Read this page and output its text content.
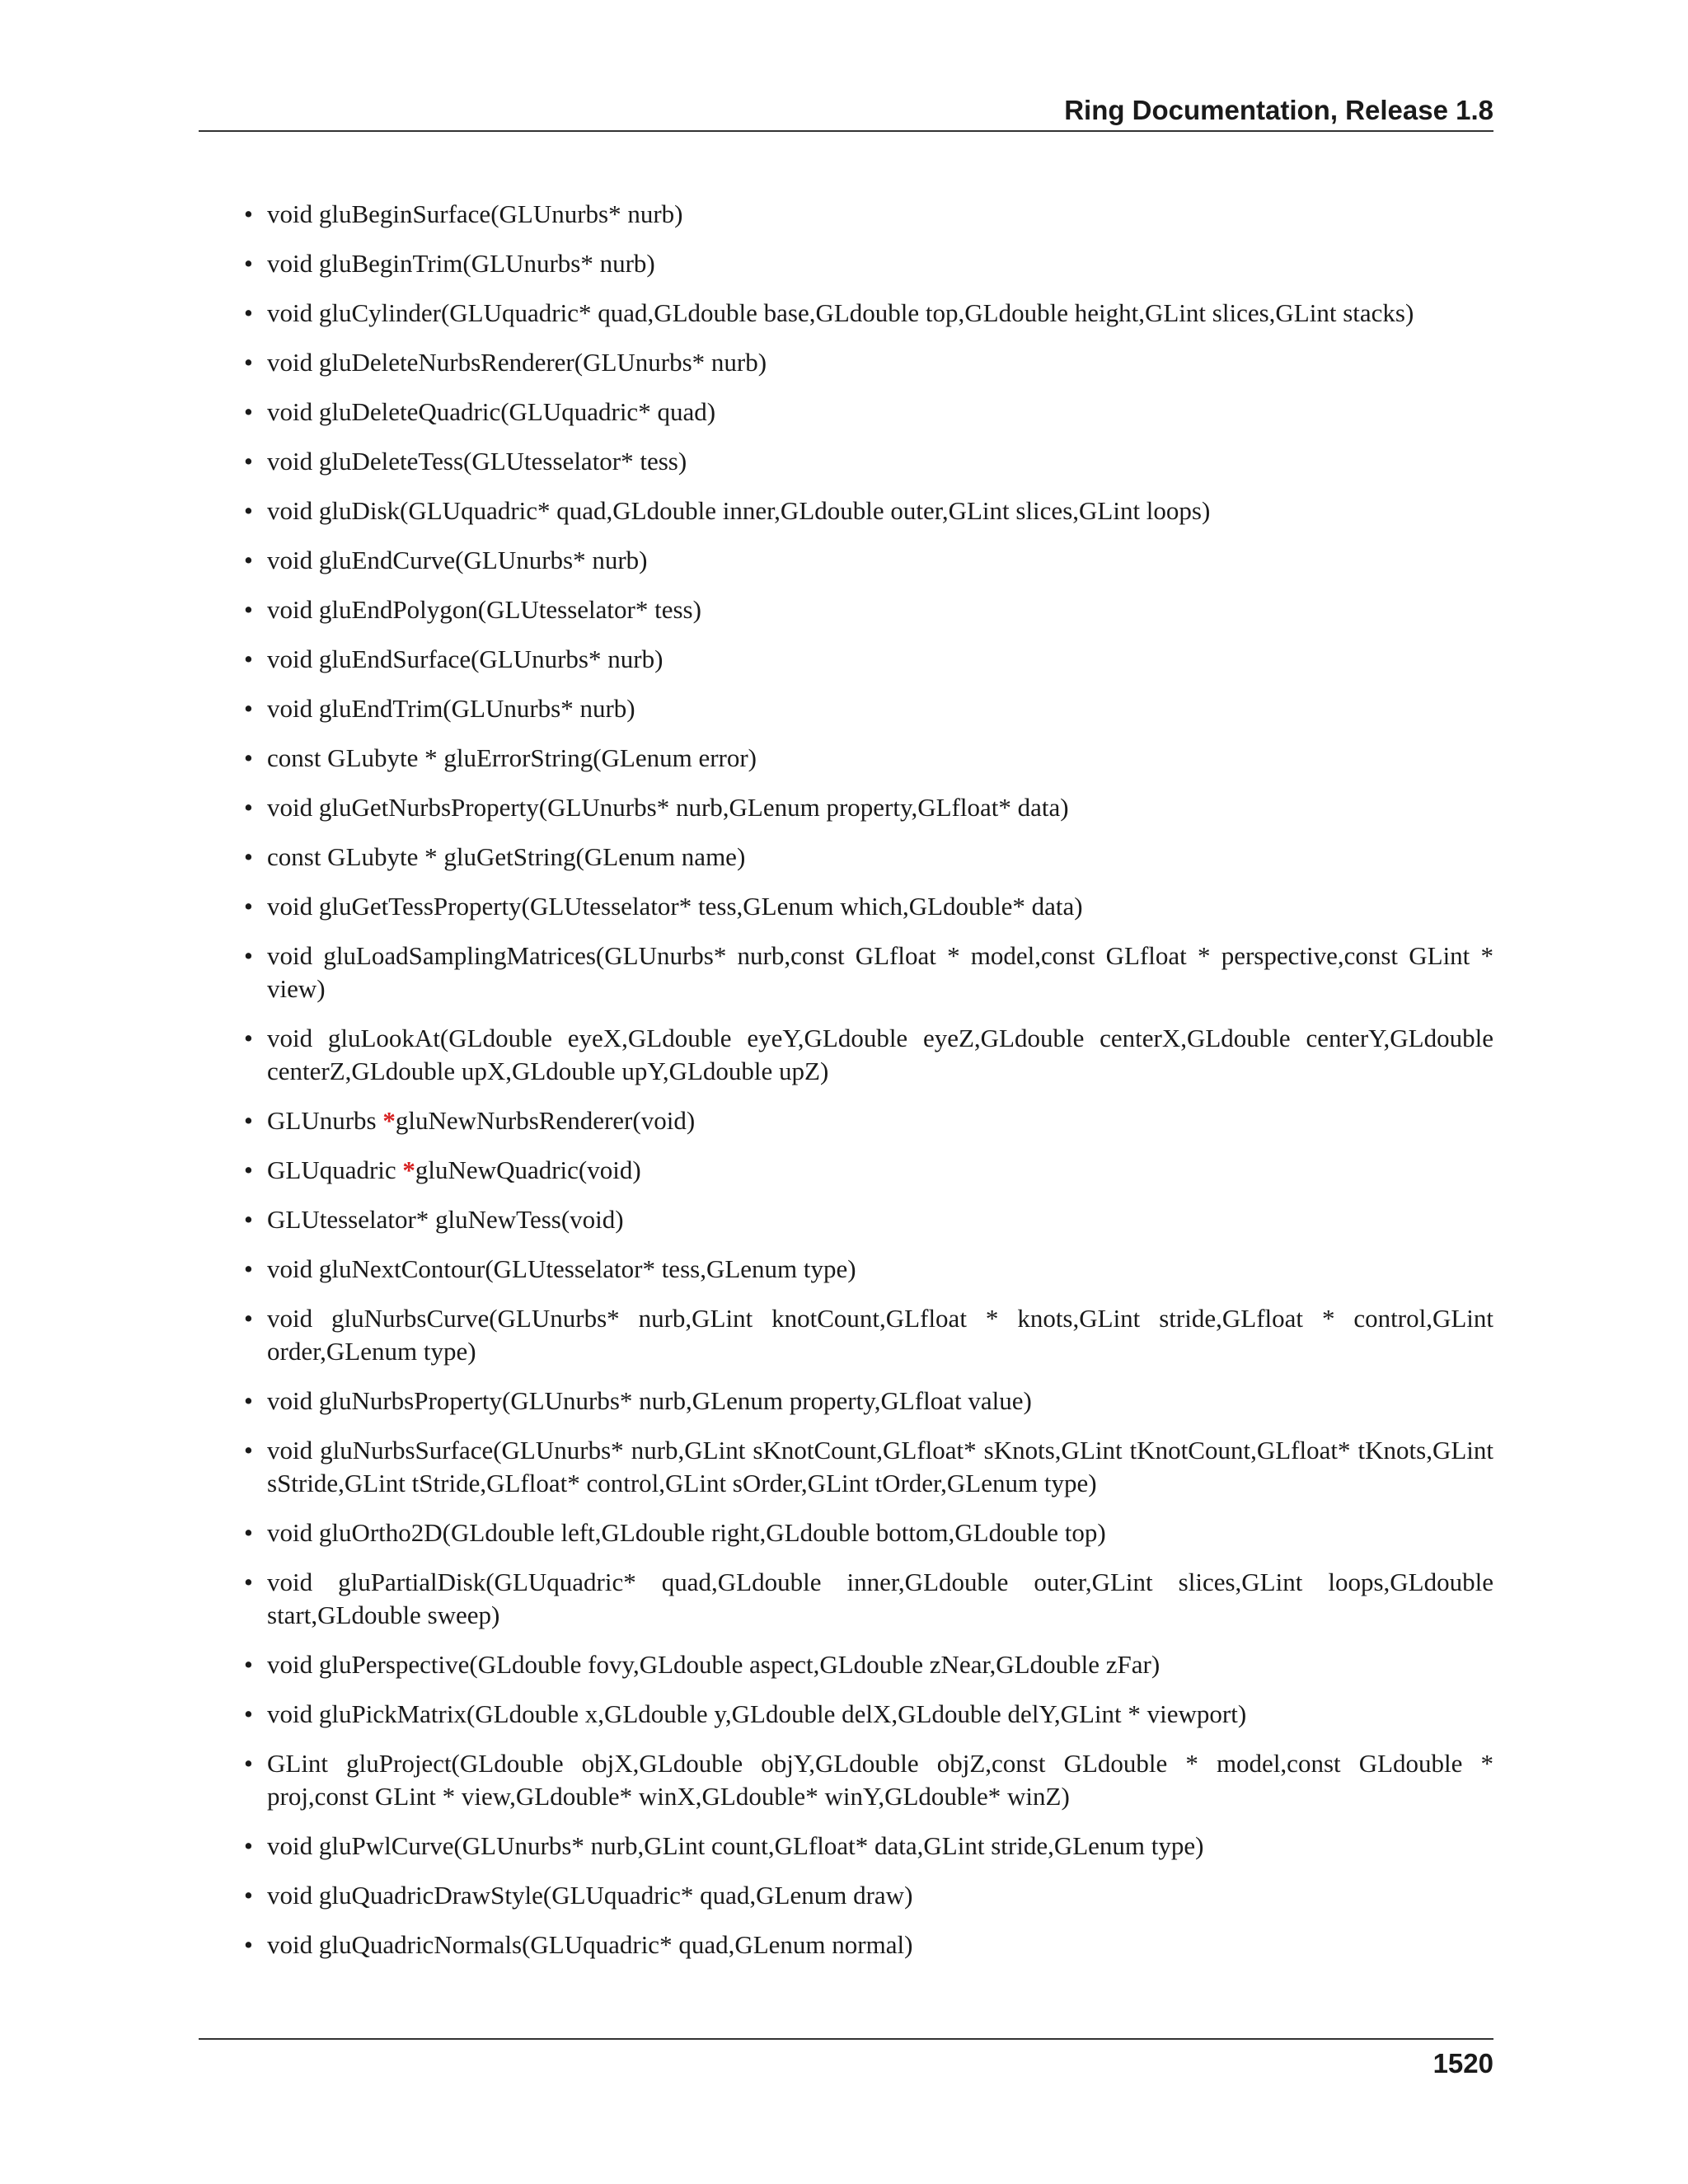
Ring Documentation, Release 1.8
• void gluBeginSurface(GLUnurbs* nurb)
• void gluBeginTrim(GLUnurbs* nurb)
• void gluCylinder(GLUquadric* quad,GLdouble base,GLdouble top,GLdouble height,GLint slices,GLint stacks)
• void gluDeleteNurbsRenderer(GLUnurbs* nurb)
• void gluDeleteQuadric(GLUquadric* quad)
• void gluDeleteTess(GLUtesselator* tess)
• void gluDisk(GLUquadric* quad,GLdouble inner,GLdouble outer,GLint slices,GLint loops)
• void gluEndCurve(GLUnurbs* nurb)
• void gluEndPolygon(GLUtesselator* tess)
• void gluEndSurface(GLUnurbs* nurb)
• void gluEndTrim(GLUnurbs* nurb)
• const GLubyte * gluErrorString(GLenum error)
• void gluGetNurbsProperty(GLUnurbs* nurb,GLenum property,GLfloat* data)
• const GLubyte * gluGetString(GLenum name)
• void gluGetTessProperty(GLUtesselator* tess,GLenum which,GLdouble* data)
• void gluLoadSamplingMatrices(GLUnurbs* nurb,const GLfloat * model,const GLfloat * perspective,const GLint * view)
• void gluLookAt(GLdouble eyeX,GLdouble eyeY,GLdouble eyeZ,GLdouble centerX,GLdouble centerY,GLdouble centerZ,GLdouble upX,GLdouble upY,GLdouble upZ)
• GLUnurbs *gluNewNurbsRenderer(void)
• GLUquadric *gluNewQuadric(void)
• GLUtesselator* gluNewTess(void)
• void gluNextContour(GLUtesselator* tess,GLenum type)
• void gluNurbsCurve(GLUnurbs* nurb,GLint knotCount,GLfloat * knots,GLint stride,GLfloat * control,GLint order,GLenum type)
• void gluNurbsProperty(GLUnurbs* nurb,GLenum property,GLfloat value)
• void gluNurbsSurface(GLUnurbs* nurb,GLint sKnotCount,GLfloat* sKnots,GLint tKnotCount,GLfloat* tKnots,GLint sStride,GLint tStride,GLfloat* control,GLint sOrder,GLint tOrder,GLenum type)
• void gluOrtho2D(GLdouble left,GLdouble right,GLdouble bottom,GLdouble top)
• void gluPartialDisk(GLUquadric* quad,GLdouble inner,GLdouble outer,GLint slices,GLint loops,GLdouble start,GLdouble sweep)
• void gluPerspective(GLdouble fovy,GLdouble aspect,GLdouble zNear,GLdouble zFar)
• void gluPickMatrix(GLdouble x,GLdouble y,GLdouble delX,GLdouble delY,GLint * viewport)
• GLint gluProject(GLdouble objX,GLdouble objY,GLdouble objZ,const GLdouble * model,const GLdouble * proj,const GLint * view,GLdouble* winX,GLdouble* winY,GLdouble* winZ)
• void gluPwlCurve(GLUnurbs* nurb,GLint count,GLfloat* data,GLint stride,GLenum type)
• void gluQuadricDrawStyle(GLUquadric* quad,GLenum draw)
• void gluQuadricNormals(GLUquadric* quad,GLenum normal)
1520
